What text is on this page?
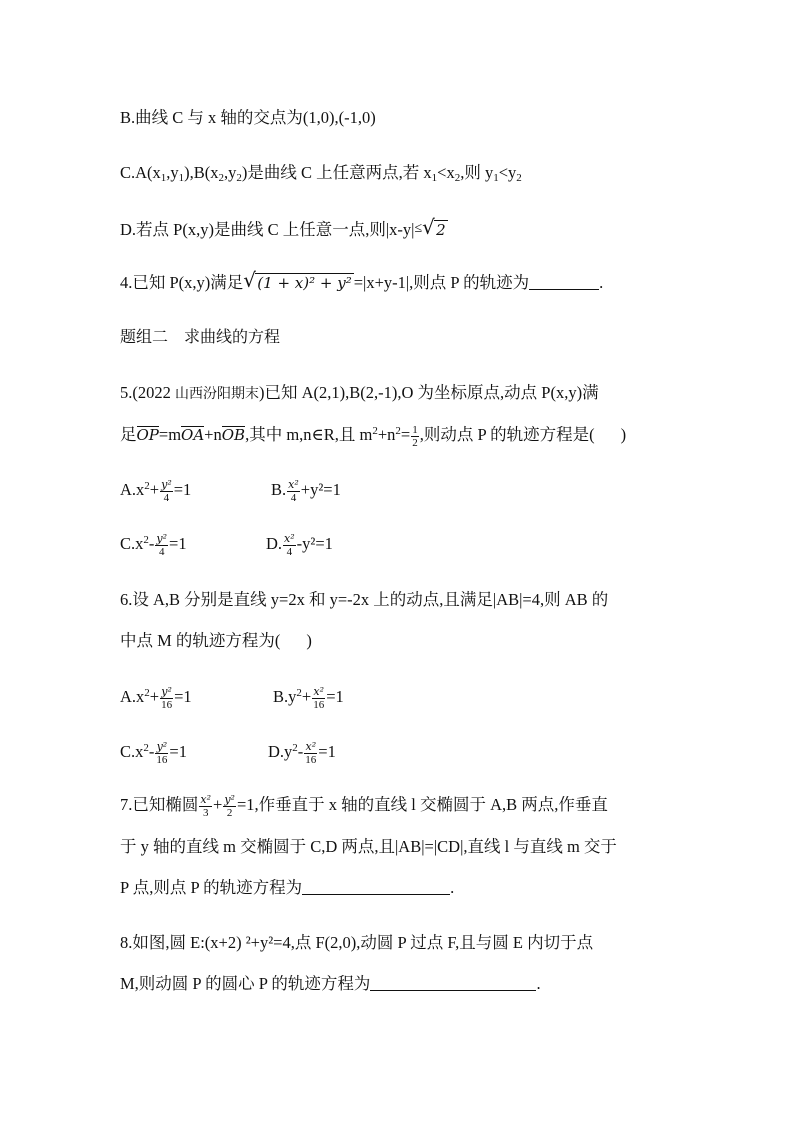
B.曲线 C 与 x 轴的交点为(1,0),(-1,0)
$C.A(x_1,y_1),B(x_2,y_2)$是曲线 C 上任意两点,若 $x_1<x_2$,则 $y_1<y_2$
D.若点 P(x,y)是曲线 C 上任意一点,则|x-y|≤ √ 2
4.已知 P(x,y)满足 √ (1 + x)² + y² =|x+y-1|,则点 P 的轨迹为	.
题组二　求曲线的方程
5.(2022 山西汾阳期末)已知 A(2,1),B(2,-1),O 为坐标原点,动点 P(x,y)满
足OP=mOA+nOB,其中 m,n∈R,且 $m^2+n^2= \frac{1}{2}$ ,则动点 P 的轨迹方程是( )
$A.x^2+ \frac{\text{y²}}{4} =1$	B. $\frac{\text{x²}}{4} +y^2=1$
$C.x^2- \frac{\text{y²}}{4} =1$	D. $\frac{\text{x²}}{4} -y^2=1$
6.设 A,B 分别是直线 y=2x 和 y=-2x 上的动点,且满足|AB|=4,则 AB 的
中点 M 的轨迹方程为( )
$A.x^2+ \frac{\text{y²}}{16} =1$	$B.y^2+ \frac{\text{x²}}{16} =1$
$C.x^2- \frac{\text{y²}}{16} =1$	$D.y^2- \frac{\text{x²}}{16} =1$
7.已知椭圆 $\frac{\text{x²}}{3} + \frac{\text{y²}}{2} =1$,作垂直于 x 轴的直线 l 交椭圆于 A,B 两点,作垂直
于 y 轴的直线 m 交椭圆于 C,D 两点,且|AB|=|CD|,直线 l 与直线 m 交于
P 点,则点 P 的轨迹方程为	.
8.如图,圆 E:(x+2) ²+y²=4,点 F(2,0),动圆 P 过点 F,且与圆 E 内切于点
M,则动圆 P 的圆心 P 的轨迹方程为	.
